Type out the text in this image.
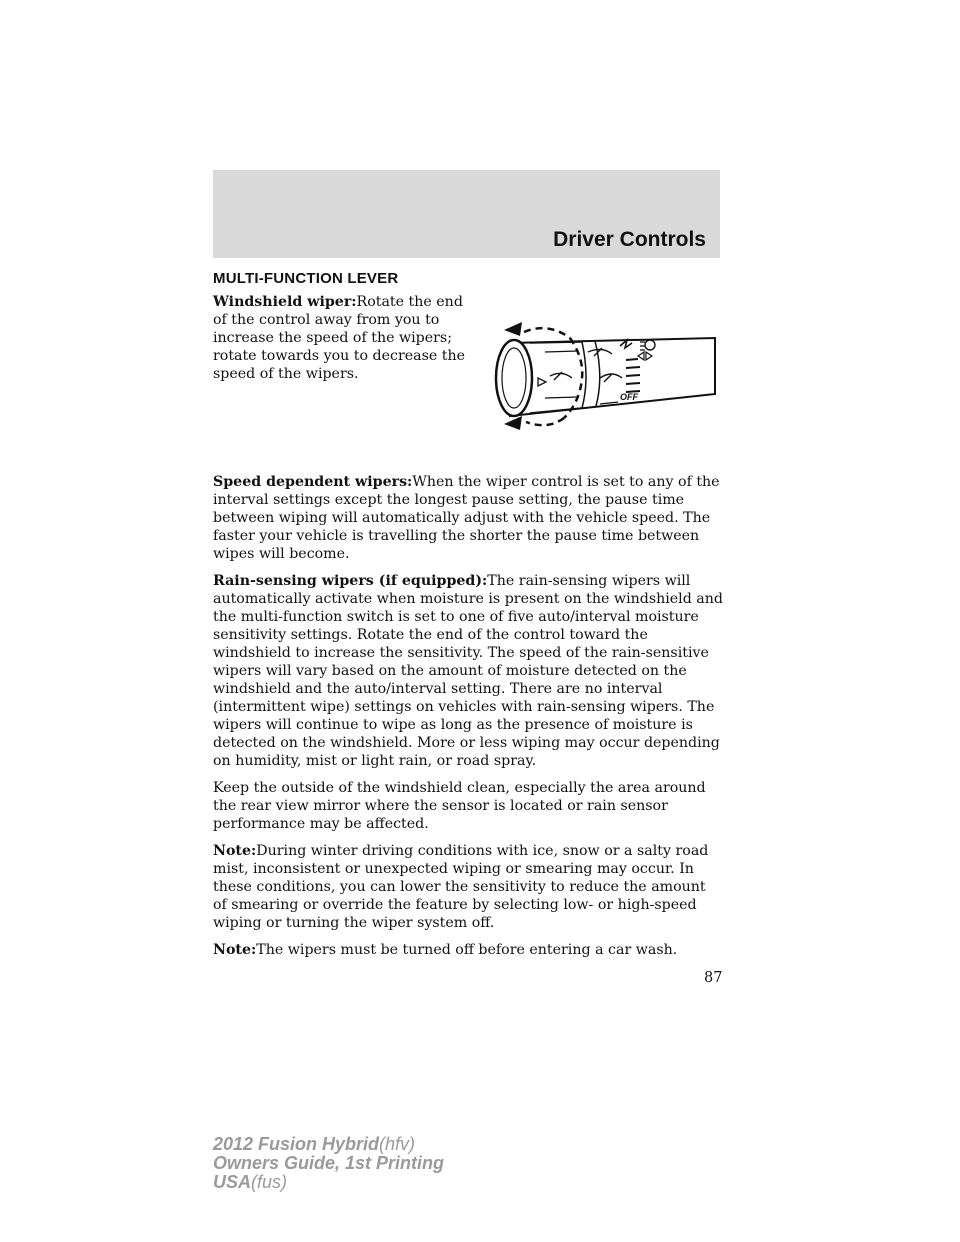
Driver Controls
MULTI-FUNCTION LEVER

Windshield wiper:Rotate the end of the control away from you to increase the speed of the wipers; rotate towards you to decrease the speed of the wipers.

OFF

Speed dependent wipers:When the wiper control is set to any of the interval settings except the longest pause setting, the pause time between wiping will automatically adjust with the vehicle speed. The faster your vehicle is travelling the shorter the pause time between wipes will become.

Rain-sensing wipers (if equipped):The rain-sensing wipers will automatically activate when moisture is present on the windshield and the multi-function switch is set to one of five auto/interval moisture sensitivity settings. Rotate the end of the control toward the windshield to increase the sensitivity. The speed of the rain-sensitive wipers will vary based on the amount of moisture detected on the windshield and the auto/interval setting. There are no interval (intermittent wipe) settings on vehicles with rain-sensing wipers. The wipers will continue to wipe as long as the presence of moisture is detected on the windshield. More or less wiping may occur depending on humidity, mist or light rain, or road spray.

Keep the outside of the windshield clean, especially the area around the rear view mirror where the sensor is located or rain sensor performance may be affected.

Note:During winter driving conditions with ice, snow or a salty road mist, inconsistent or unexpected wiping or smearing may occur. In these conditions, you can lower the sensitivity to reduce the amount of smearing or override the feature by selecting low- or high-speed wiping or turning the wiper system off.

Note:The wipers must be turned off before entering a car wash.

87

2012 Fusion Hybrid(hfv)
Owners Guide, 1st Printing
USA(fus)
